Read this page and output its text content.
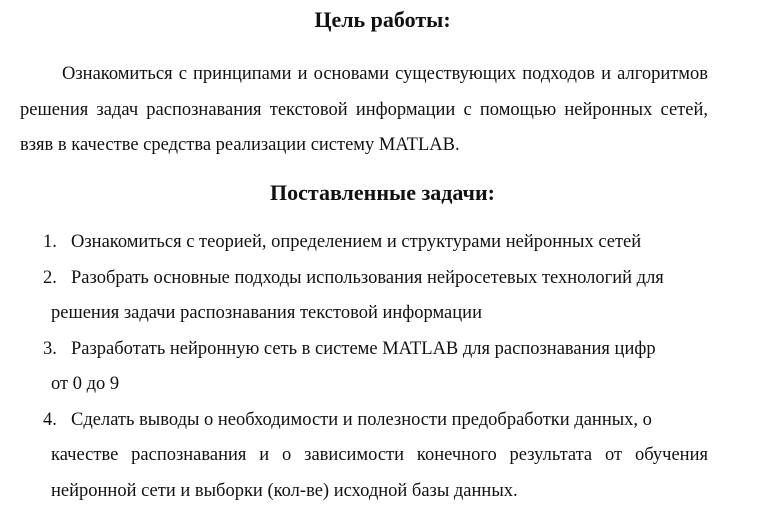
Цель работы:

Ознакомиться с принципами и основами существующих подходов и алгоритмов решения задач распознавания текстовой информации с помощью нейронных сетей, взяв в качестве средства реализации систему MATLAB.

Поставленные задачи:
1. Ознакомиться с теорией, определением и структурами нейронных сетей
2. Разобрать основные подходы использования нейросетевых технологий для
решения задачи распознавания текстовой информации
3. Разработать нейронную сеть в системе MATLAB для распознавания цифр
от 0 до 9
4. Сделать выводы о необходимости и полезности предобработки данных, о
качестве распознавания и о зависимости конечного результата от обучения нейронной сети и выборки (кол-ве) исходной базы данных.
